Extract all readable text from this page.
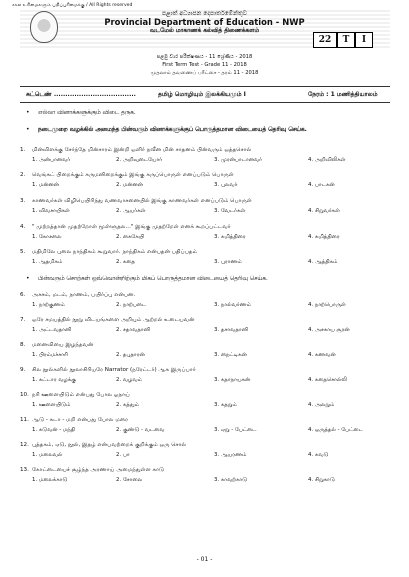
சகல உரிமைகளும் பதிப்புரிமைக்கு / All Rights reserved
පළාත් අධ්‍යාපන දෙපාර්තමේන්තුව
Provincial Department of Education - NWP
வடமேல் மாகாணக் கல்வித் திணைக்களம்
22	T	I
පළමු වාර පරීක්ෂණය - 11 ශ්‍රේණිය - 2018
First Term Test - Grade 11 - 2018
முதலாம் தவணைப் பரீட்சை - தரம் 11 - 2018
சுட்டெண் ....................................	தமிழ் மொழியும் இலக்கியமும் I	நேரம் : 1 மணித்தியாலம்
• எல்லா வினாக்களுக்கும் விடை தருக.
• நடைமுறை வழக்கில் அமைந்த பின்வரும் வினாக்களுக்குப் பொருத்தமான விடையைத் தெரிவு செய்க.
1. மின்விளக்கு சேர்ந்தே மின்சாரம் இன்றி ஒளிர் நவீன மின் சாதனம் பின்வரும் ஒத்தசொல்
1. அன்பானவர்	2. அறிவுடையோர்	3. முரன்பாடானவர்	4. அறிவிலிகள்
2. வெங்கட் பிறைக்கும் கருமனிறைக்கும் இங்கு கருப்பொருள் எனப்படும் பொருள்
1. மன்னன்	2. மன்னன்	3. புலவர்	4. பாடகன்
3. காணவர்கள் விழிபெயிரிந்து வணவாசனையில் இங்கு காணவர்கள் எனப்படும் பொருள்
1. விவசாயிகள்	2. ஆயர்கள்	3. வேடர்கள்	4. சிறுவர்கள்
4. " முற்றத்தான் முதற்றோள் மூள்ளுதல..." இங்கு முதற்றேள் எனக் கூறப்பட்டவர்
1. கோசலை	2. கைகேயி	3. சுமித்திரை	4. சுமித்திரை
5. மதிமிலே புலை நாந்திகம் கூறுவார். நாந்திகம் என்பதன் பதிப்பதம்
1. ஆதமிகம்	2. கதை	3. புராணம்	4. ஆத்திகம்
• பின்வரும் சொற்கள் ஒவ்வொன்றிற்கும் மிகப் பொருத்தமான விடையைத் தெரிவு செய்க.
6. அசசம், மடம், நாணம், பயிர்ப்பு என்பன.
1. நாற்குணம்	2. நாற்படை	3. நால்வர்ணம்	4. நாற்பொருள்
7. ஒரே சமயத்தில் நூறு விடயங்களை அறியும் ஆற்றல் உடையவன்
1. அட்டவதானி	2. சதாவதானி	3. தசாவதானி	4. அசகாய சூரன்
8. மனைவியை இழந்தவன்
1. பிரம்மச்சாரி	2. தபுதாரன்	3. நைட்டிகன்	4. கணவன்
9. சில நூல்களில் நூலாசிரியரே Narrator (நரேட்டர்) ஆக இருப்பார்
1. கட்டார வழக்கு	2. வழவம்	3. கதாநாயகன்	4. கதைசொல்லி
10. நரி ஊளையிடும் என்பது போல ஓநாய்
1. ஊளையிடும்	2. கத்தும்	3. கதறும்	4. அலறும்
11. ஆடு - கடா - மறி என்பது போல மரை
1. கடுவன் - மந்தி	2. குண்டு - வடவை	3. ஏறு - பேட்டை	4. ஒருத்தல் - பேட்டை
12. புத்தகம், ஏடு, நூல், இதழ் என்பவற்றைக் குறிக்கும் ஒரு சொல்
1. மலைவல்	2. பா	3. ஆயரணம்	4. சுவடு
13. கோட்டையைச் சூழ்ந்த அரணாய் அமைந்துள்ள காடு
1. மலைக்காடு	2. சோலை	3. காவற்காடு	4. சிறுகாடு
- 01 -
